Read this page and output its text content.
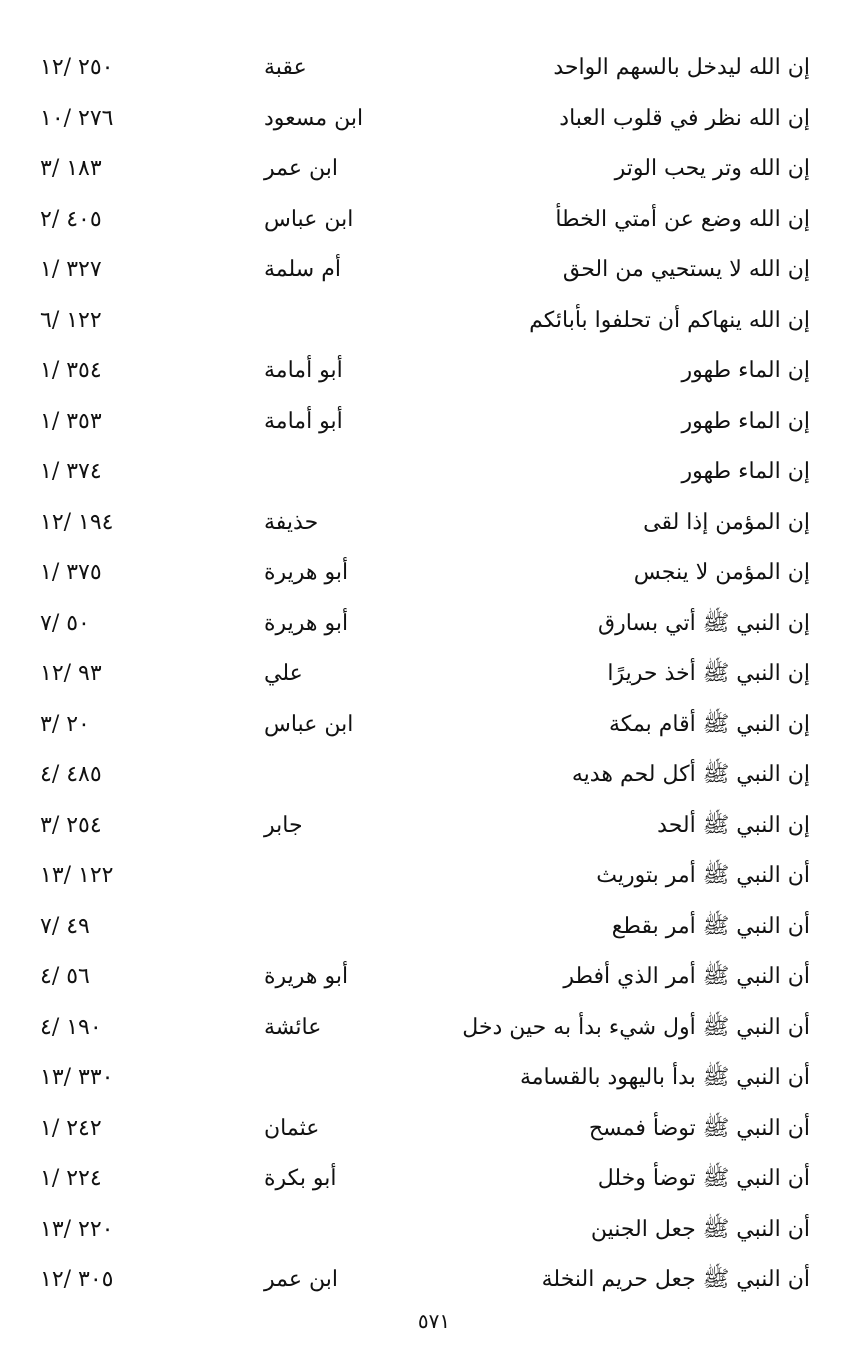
إن الله ليدخل بالسهم الواحد
عقبة
٢٥٠ /١٢
إن الله نظر في قلوب العباد
ابن مسعود
٢٧٦ /١٠
إن الله وتر يحب الوتر
ابن عمر
١٨٣ /٣
إن الله وضع عن أمتي الخطأ
ابن عباس
٤٠٥ /٢
إن الله لا يستحيي من الحق
أم سلمة
٣٢٧ /١
إن الله ينهاكم أن تحلفوا بأبائكم
١٢٢ /٦
إن الماء طهور
أبو أمامة
٣٥٤ /١
إن الماء طهور
أبو أمامة
٣٥٣ /١
إن الماء طهور
٣٧٤ /١
إن المؤمن إذا لقى
حذيفة
١٩٤ /١٢
إن المؤمن لا ينجس
أبو هريرة
٣٧٥ /١
إن النبي ﷺ أتي بسارق
أبو هريرة
٥٠ /٧
إن النبي ﷺ أخذ حريرًا
علي
٩٣ /١٢
إن النبي ﷺ أقام بمكة
ابن عباس
٢٠ /٣
إن النبي ﷺ أكل لحم هديه
٤٨٥ /٤
إن النبي ﷺ ألحد
جابر
٢٥٤ /٣
أن النبي ﷺ أمر بتوريث
١٢٢ /١٣
أن النبي ﷺ أمر بقطع
٤٩ /٧
أن النبي ﷺ أمر الذي أفطر
أبو هريرة
٥٦ /٤
أن النبي ﷺ أول شيء بدأ به حين دخل
عائشة
١٩٠ /٤
أن النبي ﷺ بدأ باليهود بالقسامة
٣٣٠ /١٣
أن النبي ﷺ توضأ فمسح
عثمان
٢٤٢ /١
أن النبي ﷺ توضأ وخلل
أبو بكرة
٢٢٤ /١
أن النبي ﷺ جعل الجنين
٢٢٠ /١٣
أن النبي ﷺ جعل حريم النخلة
ابن عمر
٣٠٥ /١٢
٥٧١
